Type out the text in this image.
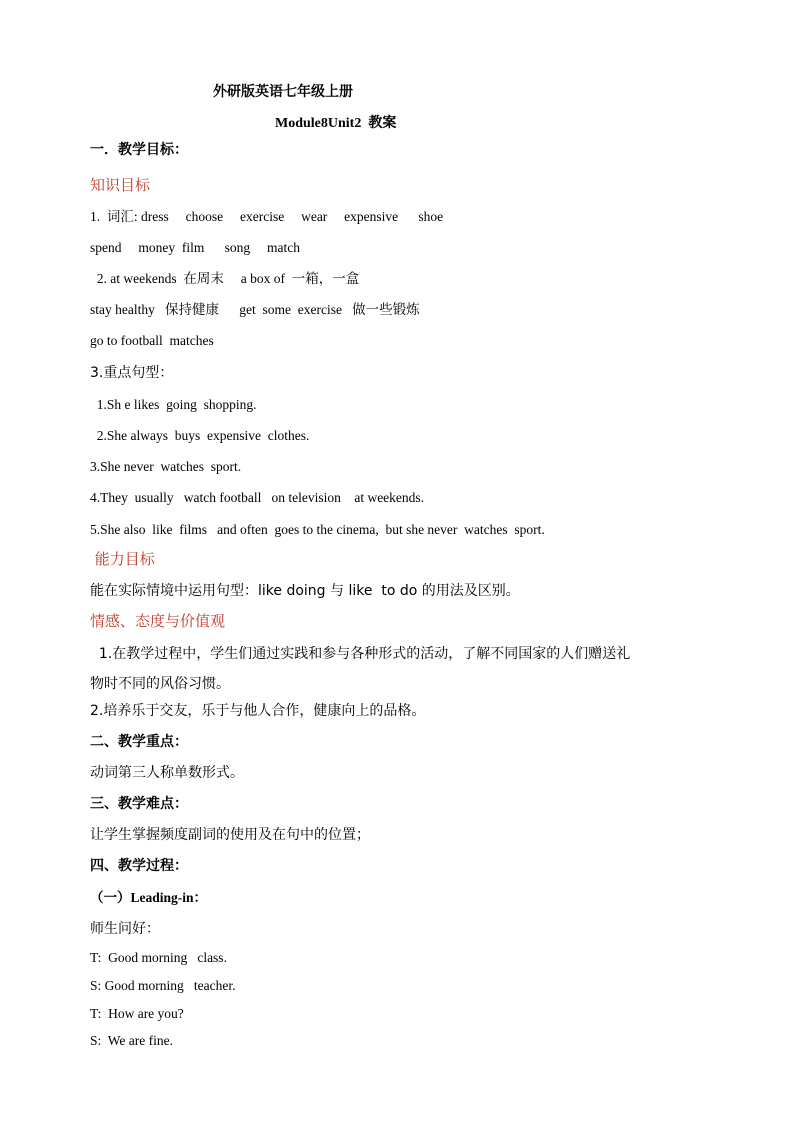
外研版英语七年级上册
Module8Unit2  教案
一．教学目标：
知识目标
1.  词汇: dress     choose     exercise     wear     expensive      shoe
spend     money  film      song     match
2. at weekends  在周末     a box of  一箱，一盒
stay healthy   保持健康      get  some  exercise   做一些锻炼
go to football  matches
3.重点句型：
1.Sh e likes  going  shopping.
2.She always  buys  expensive  clothes.
3.She never  watches  sport.
4.They  usually   watch football   on television    at weekends.
5.She also  like  films   and often  goes to the cinema,  but she never  watches  sport.
能力目标
能在实际情境中运用句型：like doing 与 like  to do 的用法及区别。
情感、态度与价值观
1.在教学过程中，学生们通过实践和参与各种形式的活动，了解不同国家的人们赠送礼
物时不同的风俗习惯。
2.培养乐于交友，乐于与他人合作，健康向上的品格。
二、教学重点：
动词第三人称单数形式。
三、教学难点：
让学生掌握频度副词的使用及在句中的位置；
四、教学过程：
（一）Leading-in：
师生问好：
T:  Good morning   class.
S: Good morning   teacher.
T:  How are you?
S:  We are fine.
